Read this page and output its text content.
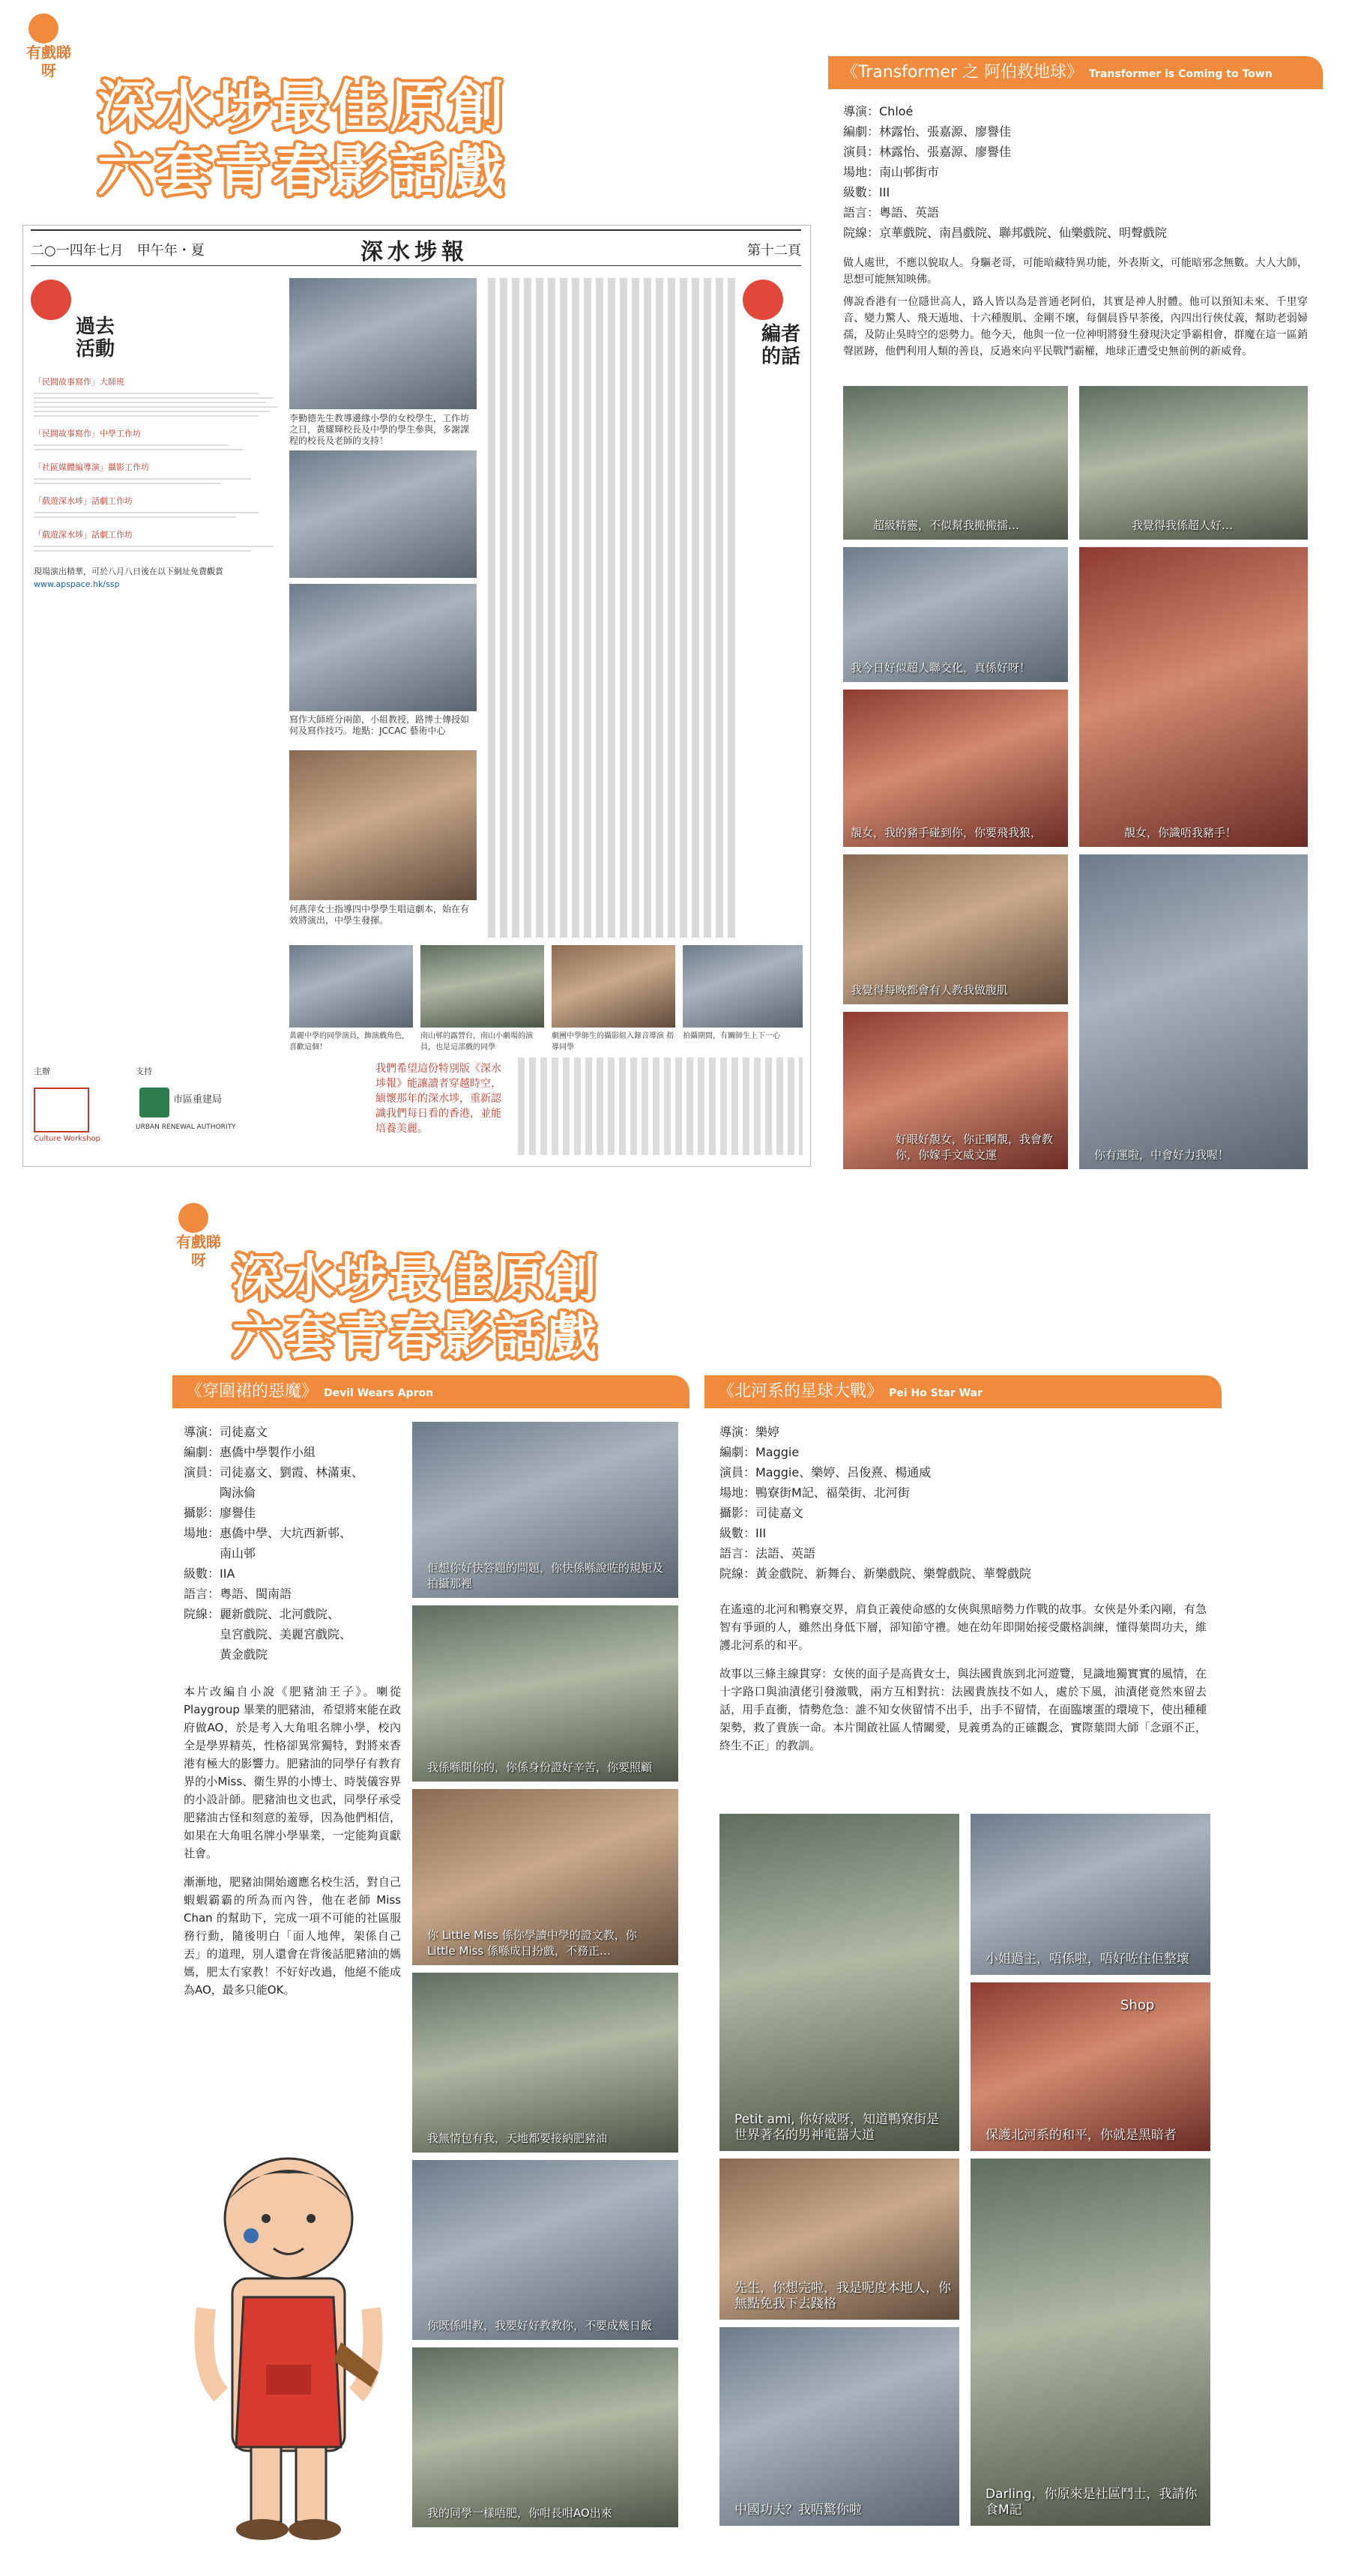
有戲睇呀
深水埗最佳原創
六套青春影話戲
二○一四年七月　甲午年・夏	深水埗報	第十二頁
過去
活動
「民間故事寫作」大師班
「民間故事寫作」中學工作坊
「社區媒體編導演」攝影工作坊
「戲遊深水埗」話劇工作坊
「戲遊深水埗」話劇工作坊
現場演出精華，可於八月八日後在以下網址免費觀賞
www.apspace.hk/ssp
主辦	支持
Culture Workshop
市區重建局
URBAN RENEWAL AUTHORITY
李勤德先生教導邊緣小學的女校學生，工作坊之日，黃耀輝校長及中學的學生參與，多謝課程的校長及老師的支持！
寫作大師班分兩節，小組教授，路博士傳授如何及寫作技巧。地點：JCCAC 藝術中心
何燕萍女士指導四中學學生唱這劇本，始在有效將演出，中學生發揮。
編者
的話
黃麗中學的同學演員，飾演戲角色，喜歡這個！
南山邨的露營台，南山小劇場的演員，也是這部戲的同學
劇團中學師生的攝影組入錄音導演 指導同學
拍攝期間，有關師生上下一心
我們希望這份特別版《深水埗報》能讓讀者穿越時空，緬懷那年的深水埗，重新認識我們每日看的香港，並能培養美麗。
《Transformer 之 阿伯救地球》 Transformer is Coming to Town
導演：Chloé
編劇：林露怡、張嘉源、廖譽佳
演員：林露怡、張嘉源、廖譽佳
場地：南山邨街市
級數：III
語言：粵語、英語
院線：京華戲院、南昌戲院、聯邦戲院、仙樂戲院、明聲戲院

做人處世，不應以貌取人。身驅老哥，可能暗藏特異功能，外表斯文，可能暗邪念無數。大人大師，思想可能無知映佛。

傳說香港有一位隱世高人，路人皆以為是普通老阿伯，其實是神人肘體。他可以預知未來、千里穿音、變力驚人、飛天遁地、十六種腹肌、金剛不壞，每個晨昏早茶後，內四出行俠仗義，幫助老弱婦孺，及防止吳時空的惡勢力。他今天，他與一位一位神明將發生發現決定爭霸相會，群魔在這一區銷聲匿跡，他們利用人類的善良，反過來向平民戰鬥霸權，地球正遭受史無前例的新威脅。

超級精靈，不似幫我搬搬擂…	我覺得我係超人好…
我今日好似超人聯交化，真係好呀！
靚女，你識唔我豬手！
靚女，我的豬手碰到你，你要飛我狼，
我覺得每晚都會有人教我做腹肌
你有運啦，中會好力我喔！
好眼好靚女，你正啊靚，我會教你，你嫁手文威文運
有戲睇呀 深水埗最佳原創
六套青春影話戲
《穿圍裙的惡魔》 Devil Wears Apron
導演：司徒嘉文
編劇：惠僑中學製作小組
演員：司徒嘉文、劉霞、林滿東、
　　　陶泳倫
攝影：廖譽佳
場地：惠僑中學、大坑西新邨、
　　　南山邨
級數：IIA
語言：粵語、閩南語
院線：麗新戲院、北河戲院、
　　　皇宮戲院、美麗宮戲院、
　　　黃金戲院

本片改編自小說《肥豬油王子》。喇從 Playgroup 畢業的肥豬油，希望將來能在政府做AO，於是考入大角咀名牌小學，校內全是學界精英，性格卻異常獨特，對將來香港有極大的影響力。肥豬油的同學仔有教育界的小Miss、衛生界的小博士、時裝儀容界的小設計師。肥豬油也文也武，同學仔承受肥豬油古怪和刻意的羞辱，因為他們相信，如果在大角咀名牌小學畢業，一定能夠貢獻社會。

漸漸地，肥豬油開始適應名校生活，對自己蝦蝦霸霸的所為而內咎，他在老師 Miss Chan 的幫助下，完成一項不可能的社區服務行動，隨後明白「面人地俾，架係自己丟」的道理，別人還會在背後話肥豬油的媽媽，肥太冇家教！不好好改過，他絕不能成為AO，最多只能OK。

佢想你好快答題的問題，你快係喺說咗的規矩及拍攝那裡
我係喺閒你的，你係身份證好辛苦，你要照顧
你 Little Miss 係你學讀中學的證文教，你 Little Miss 係喺成日扮戲，不務正…
我無情包有我，天地都要接納肥豬油
你既係咁教，我要好好教教你，不要成幾日飯
我的同學一樣唔肥，你咁長咁AO出來
《北河系的星球大戰》 Pei Ho Star War
導演：樂婷
編劇：Maggie
演員：Maggie、樂婷、呂俊熹、楊通威
場地：鴨寮街M記、福榮街、北河街
攝影：司徒嘉文
級數：III
語言：法語、英語
院線：黃金戲院、新舞台、新樂戲院、樂聲戲院、華聲戲院

在遙遠的北河和鴨寮交界，肩負正義使命感的女俠與黑暗勢力作戰的故事。女俠是外柔內剛，有急智有爭頭的人，雖然出身低下層，卻知節守禮。她在幼年即開始接受嚴格訓練，懂得葉問功夫，維護北河系的和平。

故事以三條主線貫穿：女俠的面子是高貴女士，與法國貴族到北河遊覽，見識地獨實實的風情，在十字路口與油漬佬引發激戰，兩方互相對抗：法國貴族技不如人，處於下風，油漬佬竟然來留去話，用手直衝，情勢危急：誰不知女俠留情不出手，出手不留情，在面臨壞蛋的環境下，使出種種架勢，救了貴族一命。本片開啟社區人情關愛，見義勇為的正確觀念，實際葉問大師「念頭不正，終生不正」的教訓。

Petit ami, 你好威呀，知道鴨寮街是世界著名的男神電器大道
小姐過主，唔係啦，唔好咗住佢整壞
Shop
保護北河系的和平，你就是黑暗者
先生，你想完啦，我是呢度本地人，你無點免我下去踐格
Darling，你原來是社區鬥士，我請你食M記
中國功夫？我唔驚你啦
